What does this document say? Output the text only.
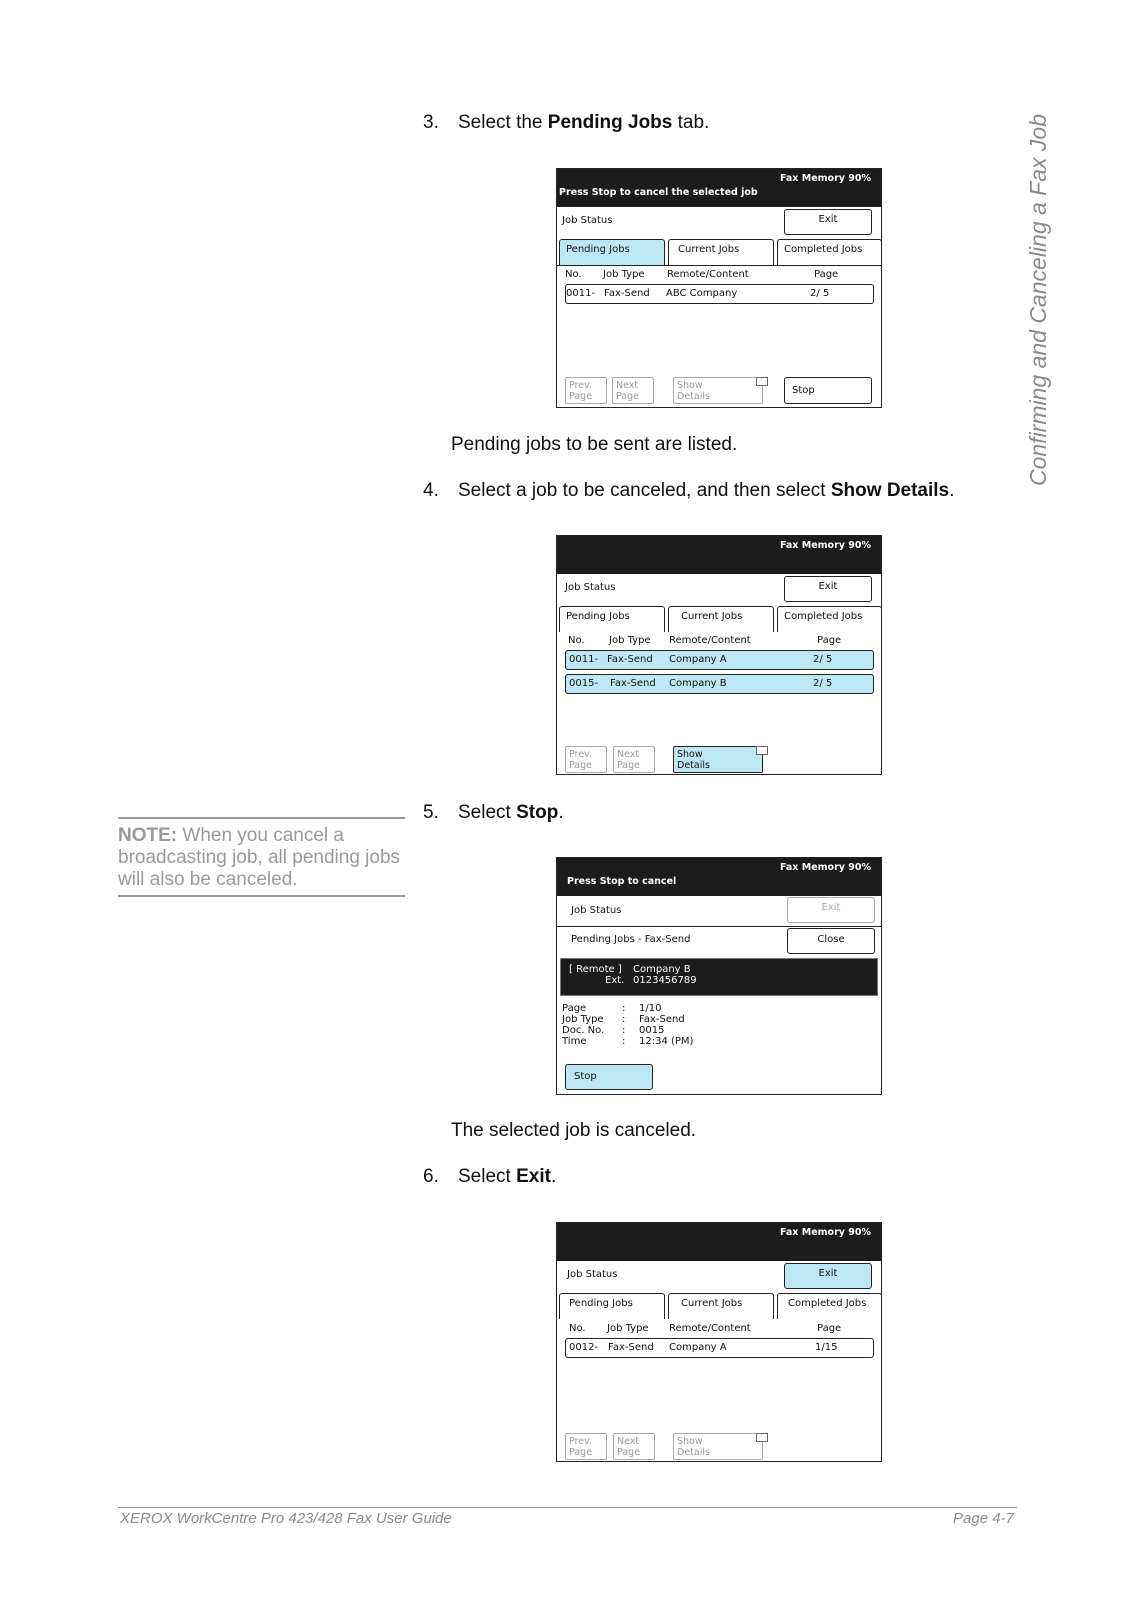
Confirming and Canceling a Fax Job
3. Select the Pending Jobs tab.
Fax Memory 90%
Press Stop to cancel the selected job
Job Status	Exit
Pending Jobs	Current Jobs	Completed Jobs
No. Job Type Remote/Content	Page
0011- Fax-Send ABC Company	2/ 5
Prev.
Page
Next
Page
Show
Details
Stop
Pending jobs to be sent are listed.
4. Select a job to be canceled, and then select Show Details.
Fax Memory 90%
Job Status	Exit
Pending Jobs	Current Jobs	Completed Jobs
No. Job Type Remote/Content	Page
0011- Fax-Send Company A	2/ 5
0015- Fax-Send Company B	2/ 5
Prev.
Page
Next
Page
Show
Details
NOTE: When you cancel a broadcasting job, all pending jobs will also be canceled.
5. Select Stop.
Fax Memory 90%
Press Stop to cancel
Job Status	Exit
Pending Jobs - Fax-Send	Close
[ Remote ] Company B
Ext. 0123456789
Page	: 1/10
Job Type : Fax-Send
Doc. No. : 0015
Time	: 12:34 (PM)
Stop
The selected job is canceled.
6. Select Exit.
Fax Memory 90%
Job Status	Exit
Pending Jobs	Current Jobs	Completed Jobs
No. Job Type Remote/Content	Page
0012- Fax-Send Company A	1/15
Prev.
Page
Next
Page
Show
Details
XEROX WorkCentre Pro 423/428 Fax User Guide	Page 4-7
